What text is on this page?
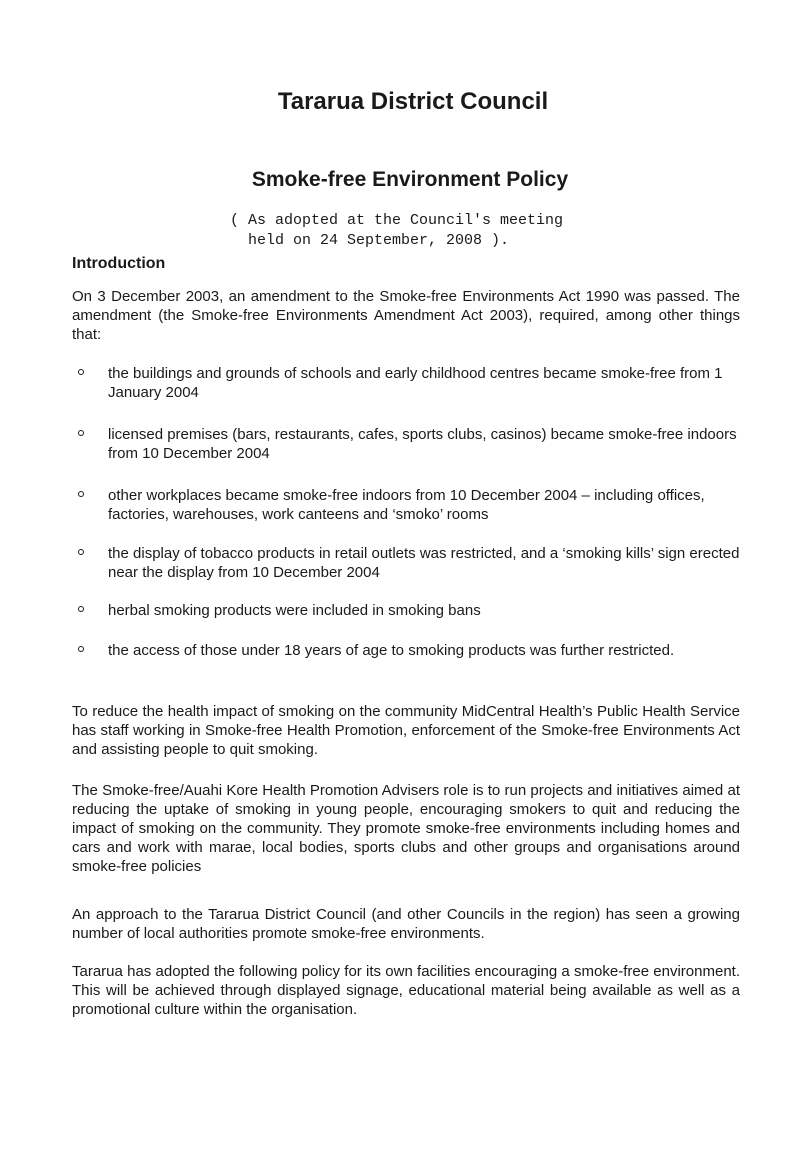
Tararua District Council
Smoke-free Environment Policy

( As adopted at the Council's meeting
held on 24 September, 2008 ).

Introduction

On 3 December 2003, an amendment to the Smoke-free Environments Act 1990 was passed. The amendment (the Smoke-free Environments Amendment Act 2003), required, among other things that:

the buildings and grounds of schools and early childhood centres became smoke-free from 1 January 2004
licensed premises (bars, restaurants, cafes, sports clubs, casinos) became smoke-free indoors from 10 December 2004
other workplaces became smoke-free indoors from 10 December 2004 – including offices, factories, warehouses, work canteens and ‘smoko’ rooms
the display of tobacco products in retail outlets was restricted, and a ‘smoking kills’ sign erected near the display from 10 December 2004
herbal smoking products were included in smoking bans
the access of those under 18 years of age to smoking products was further restricted.

To reduce the health impact of smoking on the community MidCentral Health’s Public Health Service has staff working in Smoke-free Health Promotion, enforcement of the Smoke-free Environments Act and assisting people to quit smoking.

The Smoke-free/Auahi Kore Health Promotion Advisers role is to run projects and initiatives aimed at reducing the uptake of smoking in young people, encouraging smokers to quit and reducing the impact of smoking on the community. They promote smoke-free environments including homes and cars and work with marae, local bodies, sports clubs and other groups and organisations around smoke-free policies

An approach to the Tararua District Council (and other Councils in the region) has seen a growing number of local authorities promote smoke-free environments.

Tararua has adopted the following policy for its own facilities encouraging a smoke-free environment. This will be achieved through displayed signage, educational material being available as well as a promotional culture within the organisation.
